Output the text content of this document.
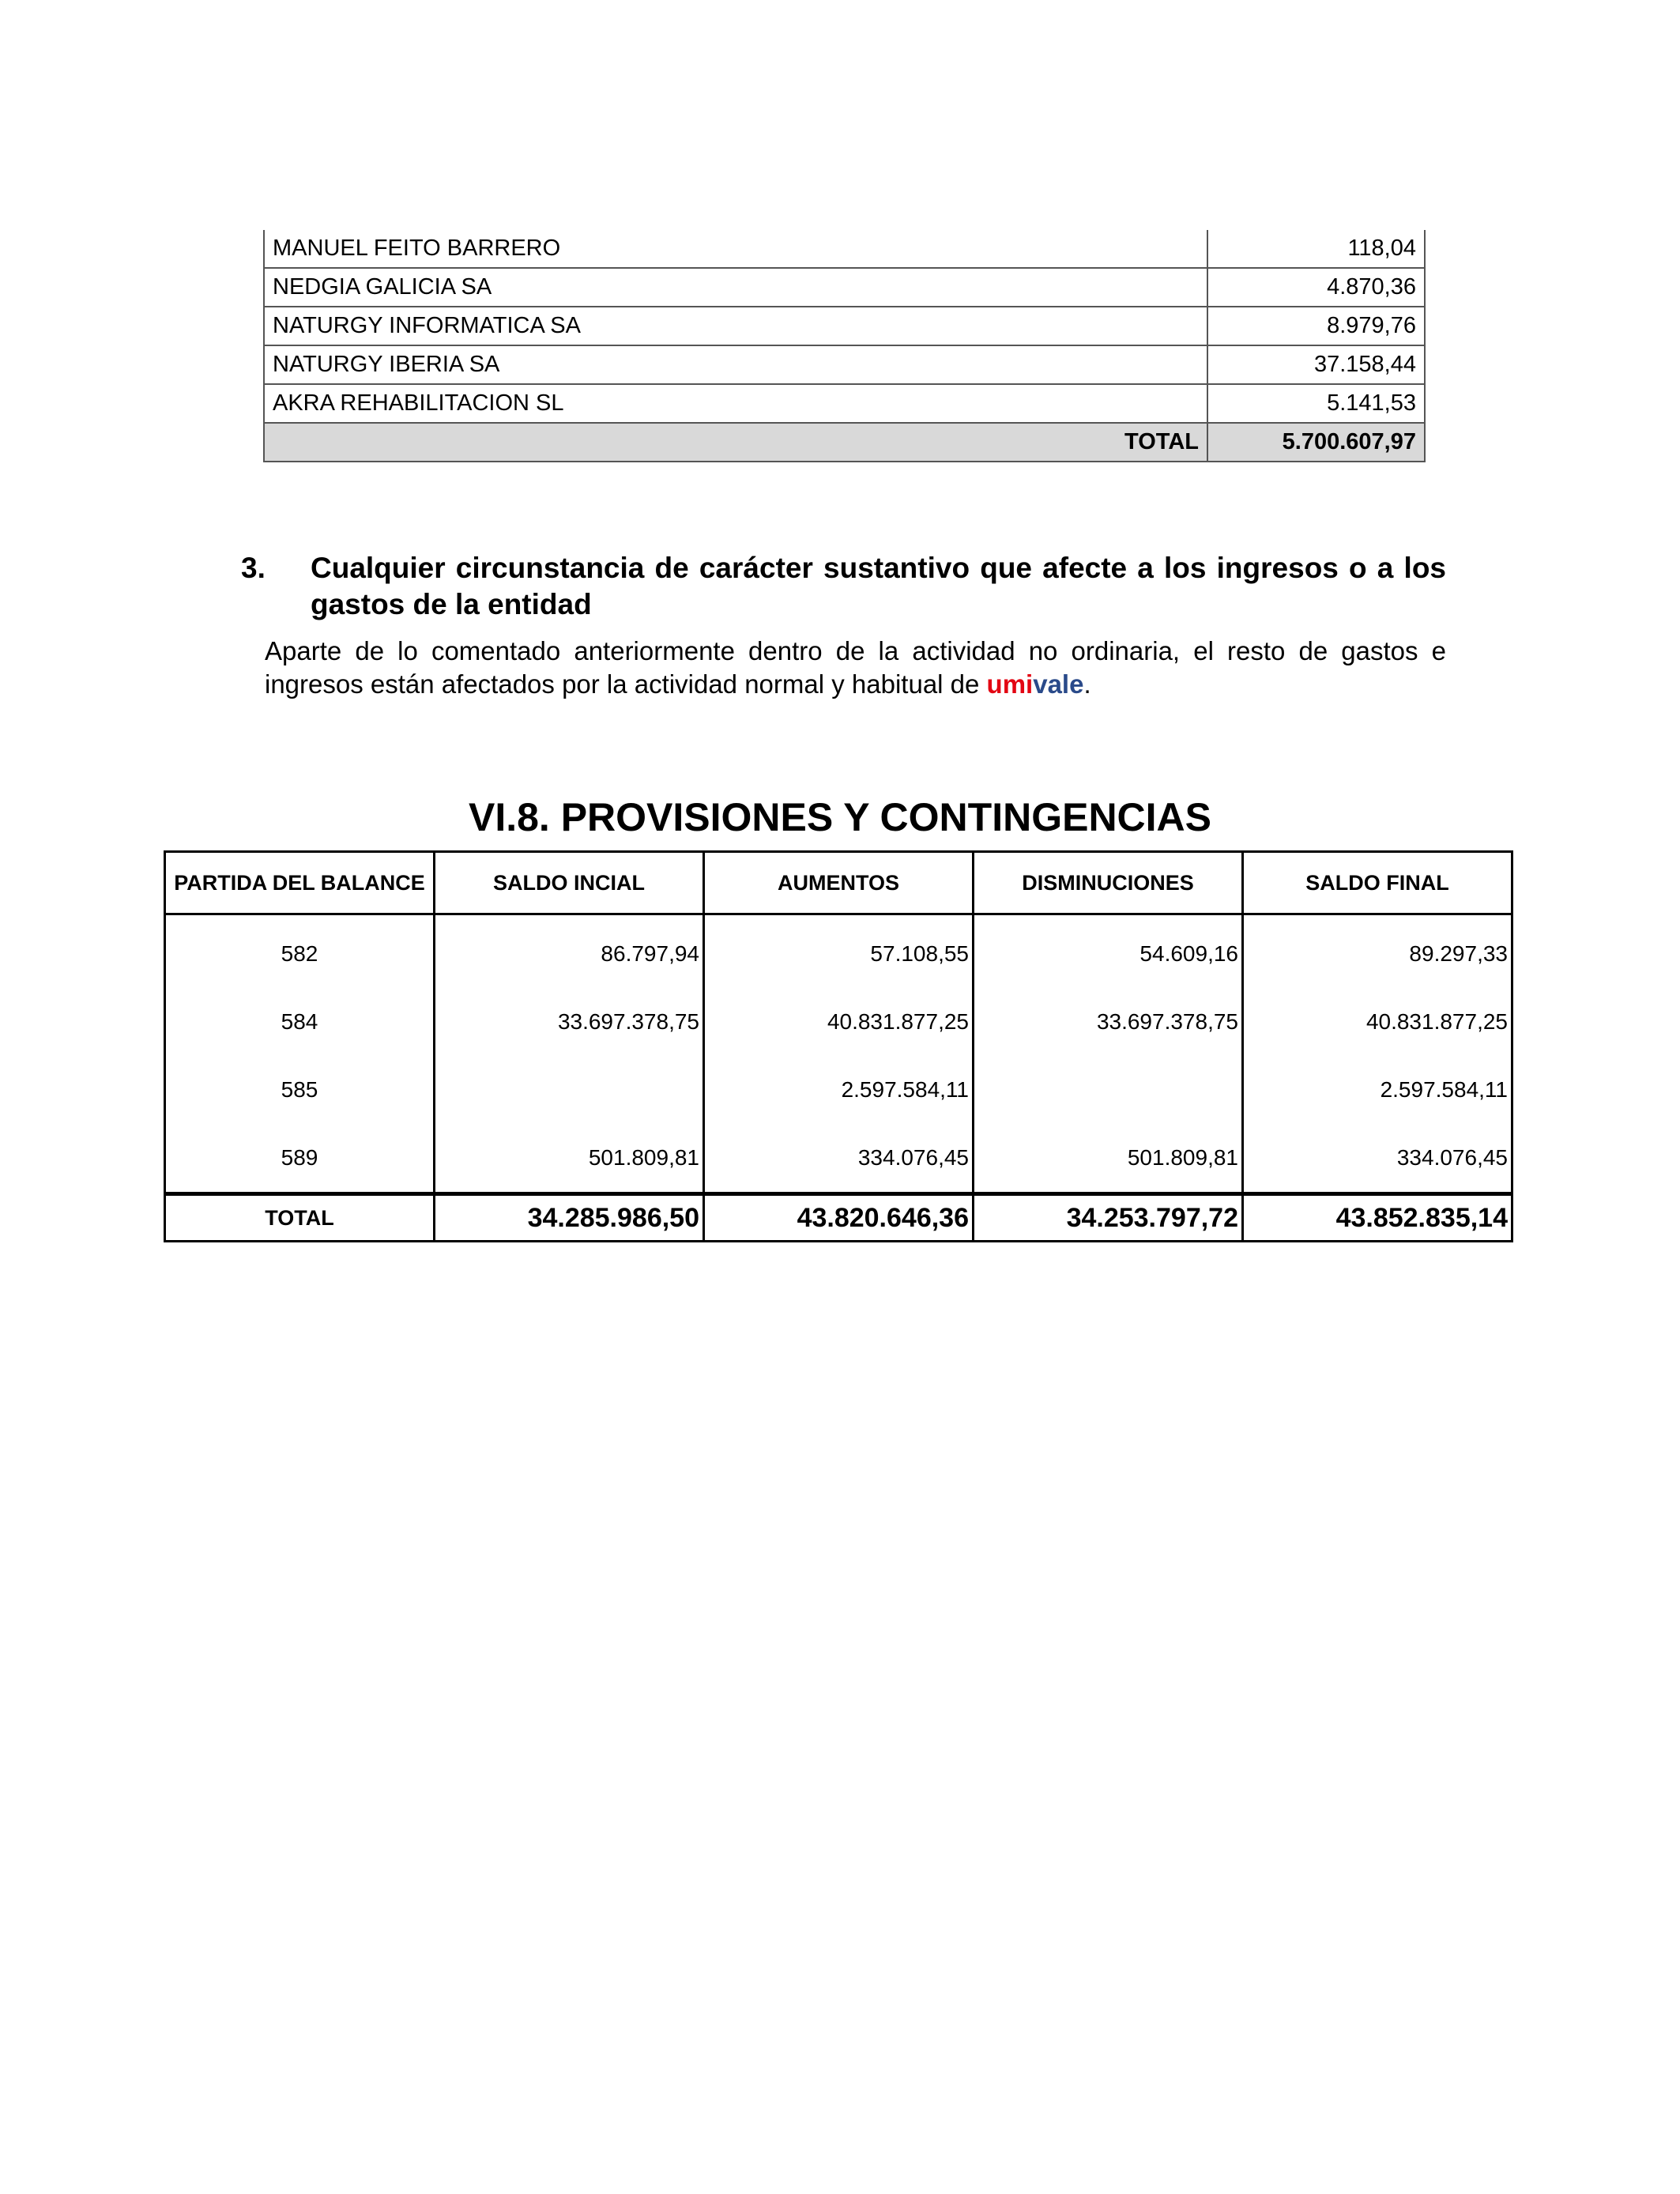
MANUEL FEITO BARRERO	118,04
NEDGIA GALICIA SA	4.870,36
NATURGY INFORMATICA SA	8.979,76
NATURGY IBERIA SA	37.158,44
AKRA REHABILITACION SL	5.141,53
TOTAL	5.700.607,97
3. Cualquier circunstancia de carácter sustantivo que afecte a los ingresos o a los gastos de la entidad

Aparte de lo comentado anteriormente dentro de la actividad no ordinaria, el resto de gastos e ingresos están afectados por la actividad normal y habitual de umivale.

VI.8. PROVISIONES Y CONTINGENCIAS
PARTIDA DEL BALANCE	SALDO INCIAL	AUMENTOS	DISMINUCIONES	SALDO FINAL
582	86.797,94	57.108,55	54.609,16	89.297,33
584	33.697.378,75	40.831.877,25	33.697.378,75	40.831.877,25
585		2.597.584,11		2.597.584,11
589	501.809,81	334.076,45	501.809,81	334.076,45
TOTAL	34.285.986,50	43.820.646,36	34.253.797,72	43.852.835,14
